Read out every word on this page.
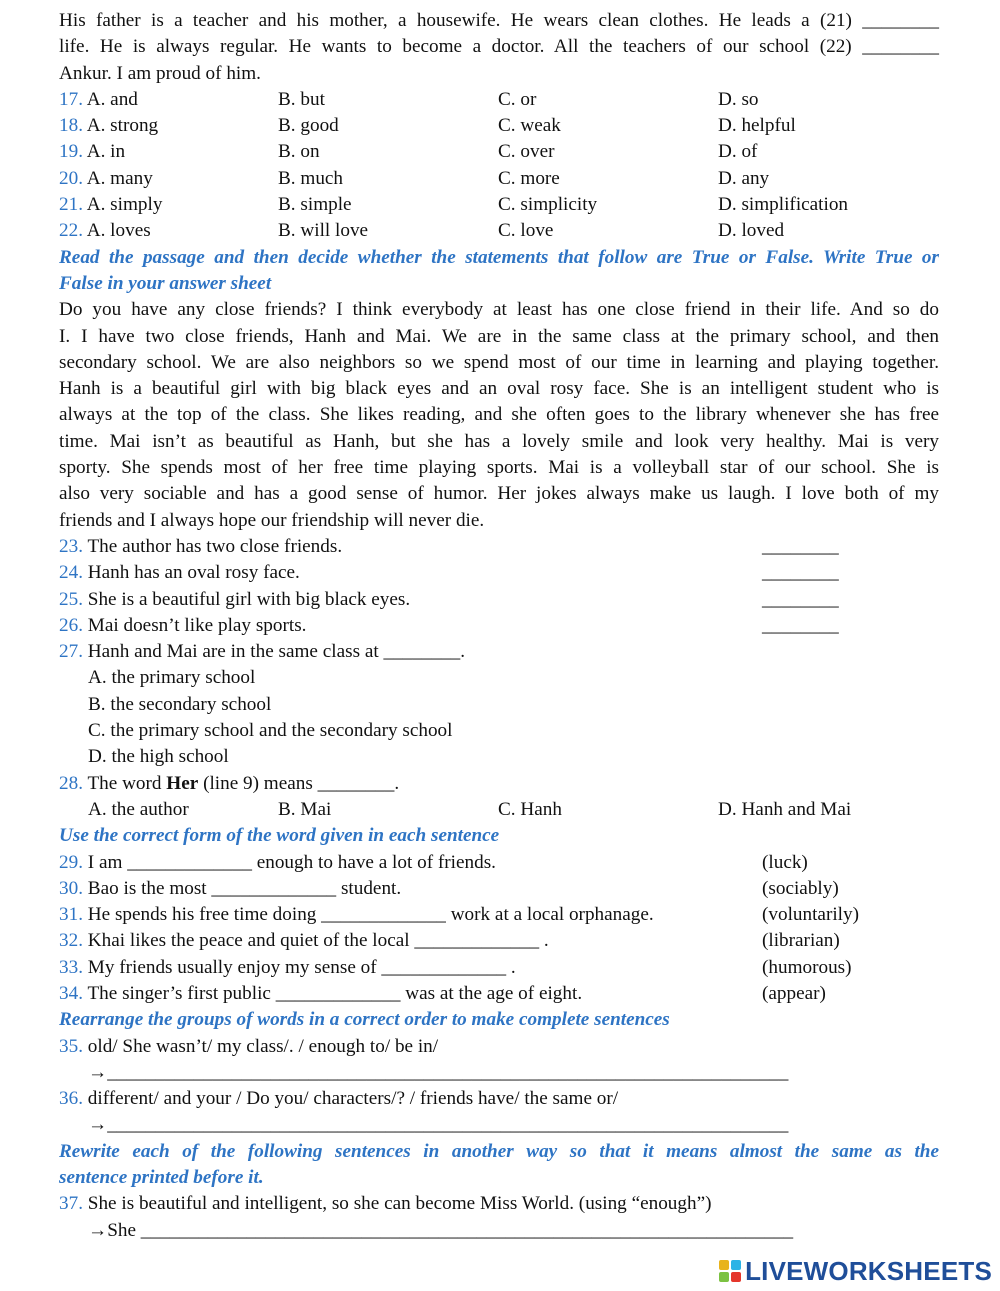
His father is a teacher and his mother, a housewife. He wears clean clothes. He leads a (21) ________
life. He is always regular. He wants to become a doctor. All the teachers of our school (22) ________
Ankur. I am proud of him.
17. A. and	B. but	C. or	D. so
18. A. strong	B. good	C. weak	D. helpful
19. A. in	B. on	C. over	D. of
20. A. many	B. much	C. more	D. any
21. A. simply	B. simple	C. simplicity	D. simplification
22. A. loves	B. will love	C. love	D. loved
Read the passage and then decide whether the statements that follow are True or False. Write True or
False in your answer sheet
Do you have any close friends? I think everybody at least has one close friend in their life. And so do
I. I have two close friends, Hanh and Mai. We are in the same class at the primary school, and then
secondary school. We are also neighbors so we spend most of our time in learning and playing together.
Hanh is a beautiful girl with big black eyes and an oval rosy face. She is an intelligent student who is
always at the top of the class. She likes reading, and she often goes to the library whenever she has free
time. Mai isn’t as beautiful as Hanh, but she has a lovely smile and look very healthy. Mai is very
sporty. She spends most of her free time playing sports. Mai is a volleyball star of our school. She is
also very sociable and has a good sense of humor. Her jokes always make us laugh. I love both of my
friends and I always hope our friendship will never die.
23. The author has two close friends.	________
24. Hanh has an oval rosy face.	________
25. She is a beautiful girl with big black eyes.	________
26. Mai doesn’t like play sports.	________
27. Hanh and Mai are in the same class at ________.
A. the primary school
B. the secondary school
C. the primary school and the secondary school
D. the high school
28. The word Her (line 9) means ________.
A. the author	B. Mai	C. Hanh	D. Hanh and Mai
Use the correct form of the word given in each sentence
29. I am _____________ enough to have a lot of friends.	(luck)
30. Bao is the most _____________ student.	(sociably)
31. He spends his free time doing _____________ work at a local orphanage.	(voluntarily)
32. Khai likes the peace and quiet of the local _____________ .	(librarian)
33. My friends usually enjoy my sense of _____________ .	(humorous)
34. The singer’s first public _____________ was at the age of eight.	(appear)
Rearrange the groups of words in a correct order to make complete sentences
35. old/ She wasn’t/ my class/. / enough to/ be in/
→_______________________________________________________________________
36. different/ and your / Do you/ characters/? / friends have/ the same or/
→_______________________________________________________________________
Rewrite each of the following sentences in another way so that it means almost the same as the
sentence printed before it.
37. She is beautiful and intelligent, so she can become Miss World. (using “enough”)
→She ____________________________________________________________________
LIVEWORKSHEETS
